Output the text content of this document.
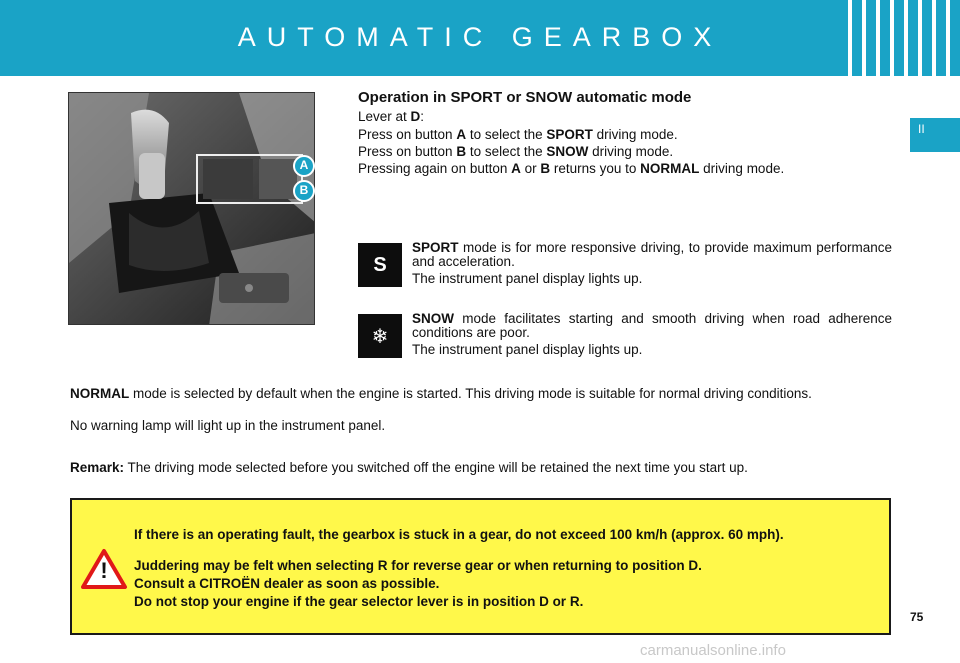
AUTOMATIC GEARBOX
II
A
B
Operation in SPORT or SNOW automatic mode
Lever at D:
Press on button A to select the SPORT driving mode.
Press on button B to select the SNOW driving mode.
Pressing again on button A or B returns you to NORMAL driving mode.
S
SPORT mode is for more responsive driving, to provide maximum performance and acceleration.
The instrument panel display lights up.
❄
SNOW mode facilitates starting and smooth driving when road adherence conditions are poor.
The instrument panel display lights up.
NORMAL mode is selected by default when the engine is started. This driving mode is suitable for normal driving conditions.
No warning lamp will light up in the instrument panel.
Remark: The driving mode selected before you switched off the engine will be retained the next time you start up.
!
If there is an operating fault, the gearbox is stuck in a gear, do not exceed 100 km/h (approx. 60 mph).
Juddering may be felt when selecting R for reverse gear or when returning to position D.
Consult a CITROËN dealer as soon as possible.
Do not stop your engine if the gear selector lever is in position D or R.
75
carmanualsonline.info
